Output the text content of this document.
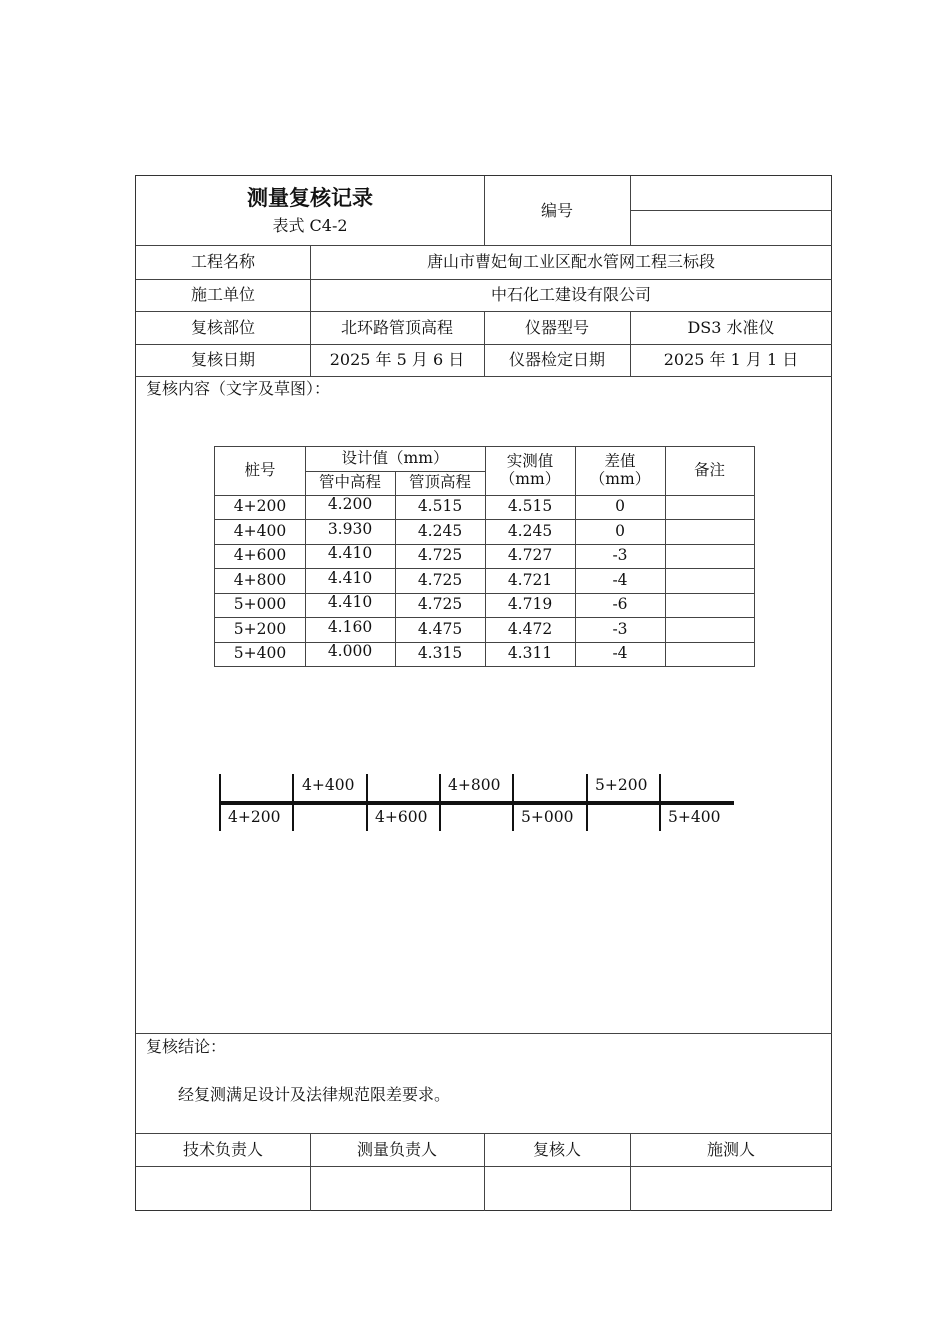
测量复核记录
表式 C4-2
编号
工程名称	唐山市曹妃甸工业区配水管网工程三标段
施工单位	中石化工建设有限公司
复核部位	北环路管顶高程	仪器型号	DS3 水准仪
复核日期	2025 年 5 月 6 日	仪器检定日期	2025 年 1 月 1 日
复核内容（文字及草图）：
桩号
设计值（mm）
管中高程	管顶高程
实测值
（mm）
差值
（mm）	备注
4+200	4.200	4.515	4.515	0
4+400	3.930	4.245	4.245	0
4+600	4.410	4.725	4.727	-3
4+800	4.410	4.725	4.721	-4
5+000	4.410	4.725	4.719	-6
5+200	4.160	4.475	4.472	-3
5+400	4.000	4.315	4.311	-4
4+400	4+800	5+200
4+200	4+600	5+000	5+400
复核结论：
经复测满足设计及法律规范限差要求。
技术负责人	测量负责人	复核人	施测人
